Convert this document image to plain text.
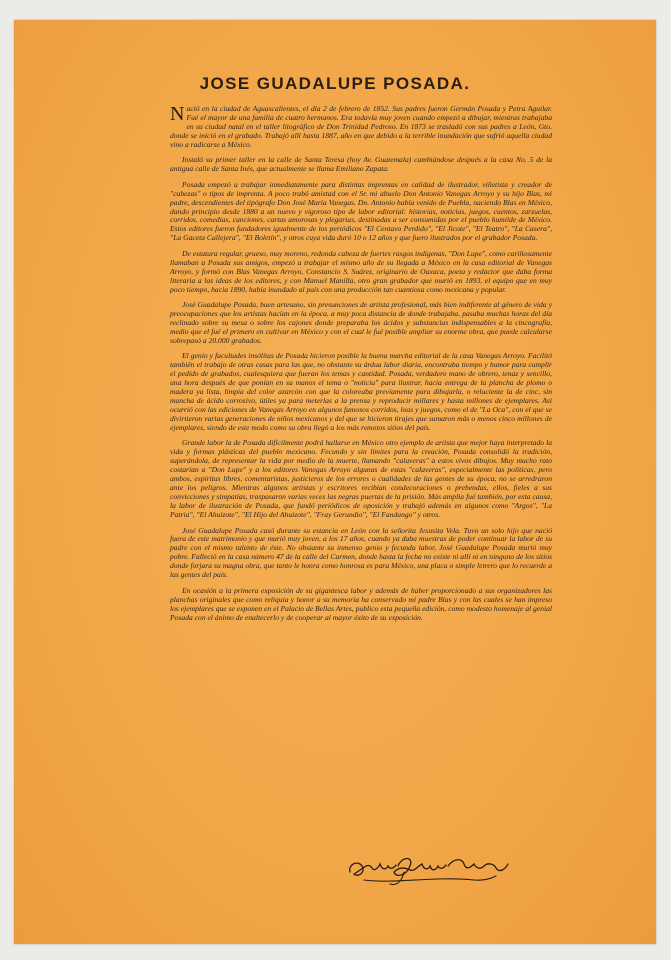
JOSE GUADALUPE POSADA.

Nació en la ciudad de Aguascalientes, el día 2 de febrero de 1852. Sus padres fueron Germán Posada y Petra Aguilar. Fué el mayor de una familia de cuatro hermanos. Era todavía muy joven cuando empezó a dibujar, mientras trabajaba en su ciudad natal en el taller litográfico de Don Trinidad Pedroso. En 1873 se trasladó con sus padres a León, Gto. donde se inició en el grabado. Trabajó allí hasta 1887, año en que debido a la terrible inundación que sufrió aquella ciudad vino a radicarse a México.

Instaló su primer taller en la calle de Santa Teresa (hoy Av. Guatemala) cambiándose después a la casa No. 5 de la antigua calle de Santa Inés, que actualmente se llama Emiliano Zapata.

Posada empezó a trabajar inmediatamente para distintas imprentas en calidad de ilustrador, viñetista y creador de "cabezas" o tipos de imprenta. A poco trabó amistad con el Sr. mi abuelo Don Antonio Vanegas Arroyo y su hijo Blas, mi padre, descendientes del tipógrafo Don José María Vanegas. Dn. Antonio había venido de Puebla, naciendo Blas en México, dando principio desde 1880 a un nuevo y vigoroso tipo de labor editorial: historias, noticias, juegos, cuentos, zarzuelas, corridos, comedias, canciones, cartas amorosas y plegarias, destinadas a ser consumidas por el pueblo humilde de México. Estos editores fueron fundadores igualmente de los periódicos "El Centavo Perdido", "El Jicote", "El Teatro", "La Casera", "La Gaceta Callejera", "El Boletín", y otros cuya vida duró 10 o 12 años y que fuero ilustrados por el grabador Posada.

De estatura regular, grueso, muy moreno, redonda cabeza de fuertes rasgos indígenas, "Don Lupe", como cariñosamente llamaban a Posada sus amigos, empezó a trabajar el mismo año de su llegada a México en la casa editorial de Vanegas Arroyo, y formó con Blas Vanegas Arroyo, Constancio S. Suárez, originario de Oaxaca, poeta y redactor que daba forma literaria a las ideas de los editores, y con Manuel Manilla, otro gran grabador que murió en 1893, el equipo que en muy poco tiempo, hacia 1890, había inundado al país con una producción tan cuantiosa como mexicana y popular.

José Guadalupe Posada, buen artesano, sin presunciones de artista profesional, más bien indiferente al género de vida y preocupaciones que los artistas hacían en la época, a muy poca distancia de donde trabajaba, pasaba muchas horas del día reclinado sobre su mesa o sobre los cajones donde preparaba los ácidos y substancias indispensables a la cincografía, medio que el fué el primero en cultivar en México y con el cual le fué posible ampliar su enorme obra, que puede calcularse sobrepasó a 20.000 grabados.

El genio y facultades insólitas de Posada hicieron posible la buena marcha editorial de la casa Vanegas Arroyo. Facilitó también el trabajo de otras casas para las que, no obstante su árdua labor diaria, encontraba tiempo y humor para cumplir el pedido de grabados, cualesquiera que fueran los temas y cantidad. Posada, verdadero mano de obrero, tenaz y sencillo, una hora después de que ponían en su manos el tema o "noticia" para ilustrar, hacía entrega de la plancha de plomo o madera ya lista, limpia del color azarcón con que la coloreaba previamente para dibujarla, o reluciente la de cinc, sin mancha de ácido corrosivo, útiles ya para meterlas a la prensa y reproducir millares y hasta millones de ejemplares. Así ocurrió con las ediciones de Vanegas Arroyo en algunos famosos corridos, loas y juegos, como el de "La Oca", con el que se divirtieron varias generaciones de niños mexicanos y del que se hicieron tirajes que sumaron más o menos cinco millones de ejemplares, siendo de este modo como su obra llegó a los más remotos sitios del país.

Grande labor la de Posada difícilmente podrá hallarse en México otro ejemplo de artista que mejor haya interpretado la vida y formas plásticas del pueblo mexicano. Fecundo y sin límites para la creación, Posada consolidó la tradición, superándola, de representar la vida por medio de la muerte, llamando "calaveras" a estos vivos dibujos. Muy mucho rato costarían a "Don Lupe" y a los editores Vanegas Arroyo algunas de estas "calaveras", especialmente las políticas, pero ambos, espíritus libres, comentaristas, justicieros de los errores o cualidades de las gentes de su época, no se arredraron ante los peligros. Mientras algunos artistas y escritores recibían condecoraciones o prebendas, ellos, fieles a sus convicciones y simpatías, traspasaron varias veces las negras puertas de la prisión. Más amplia fué también, por esta causa, la labor de ilustración de Posada, que fundó periódicos de oposición y trabajó además en algunos como "Argos", "La Patria", "El Ahuizote", "El Hijo del Ahuizote", "Fray Gerundio", "El Fandango" y otros.

José Guadalupe Posada casó durante su estancia en León con la señorita Jesusita Vela. Tuvo un solo hijo que nació fuera de este matrimonio y que murió muy joven, a los 17 años, cuando ya daba muestras de poder continuar la labor de su padre con el mismo talento de éste. No obstante su inmenso genio y fecunda labor, José Guadalupe Posada murió muy pobre. Falleció en la casa número 47 de la calle del Carmen, donde hasta la fecha no existe ni allí ni en ninguno de los sitios donde forjara su magna obra, que tanto le honra como honrosa es para México, una placa o simple letrero que lo recuerde a las gentes del país.

En ocasión a la primera exposición de su gigantesca labor y además de haber proporcionado a sus organizadores las planchas originales que como reliquia y honor a su memoria ha conservado mi padre Blas y con las cuales se han impreso los ejemplares que se exponen en el Palacio de Bellas Artes, publico esta pequeña edición, como modesto homenaje al genial Posada con el ánimo de enaltecerlo y de cooperar al mayor éxito de su exposición.
